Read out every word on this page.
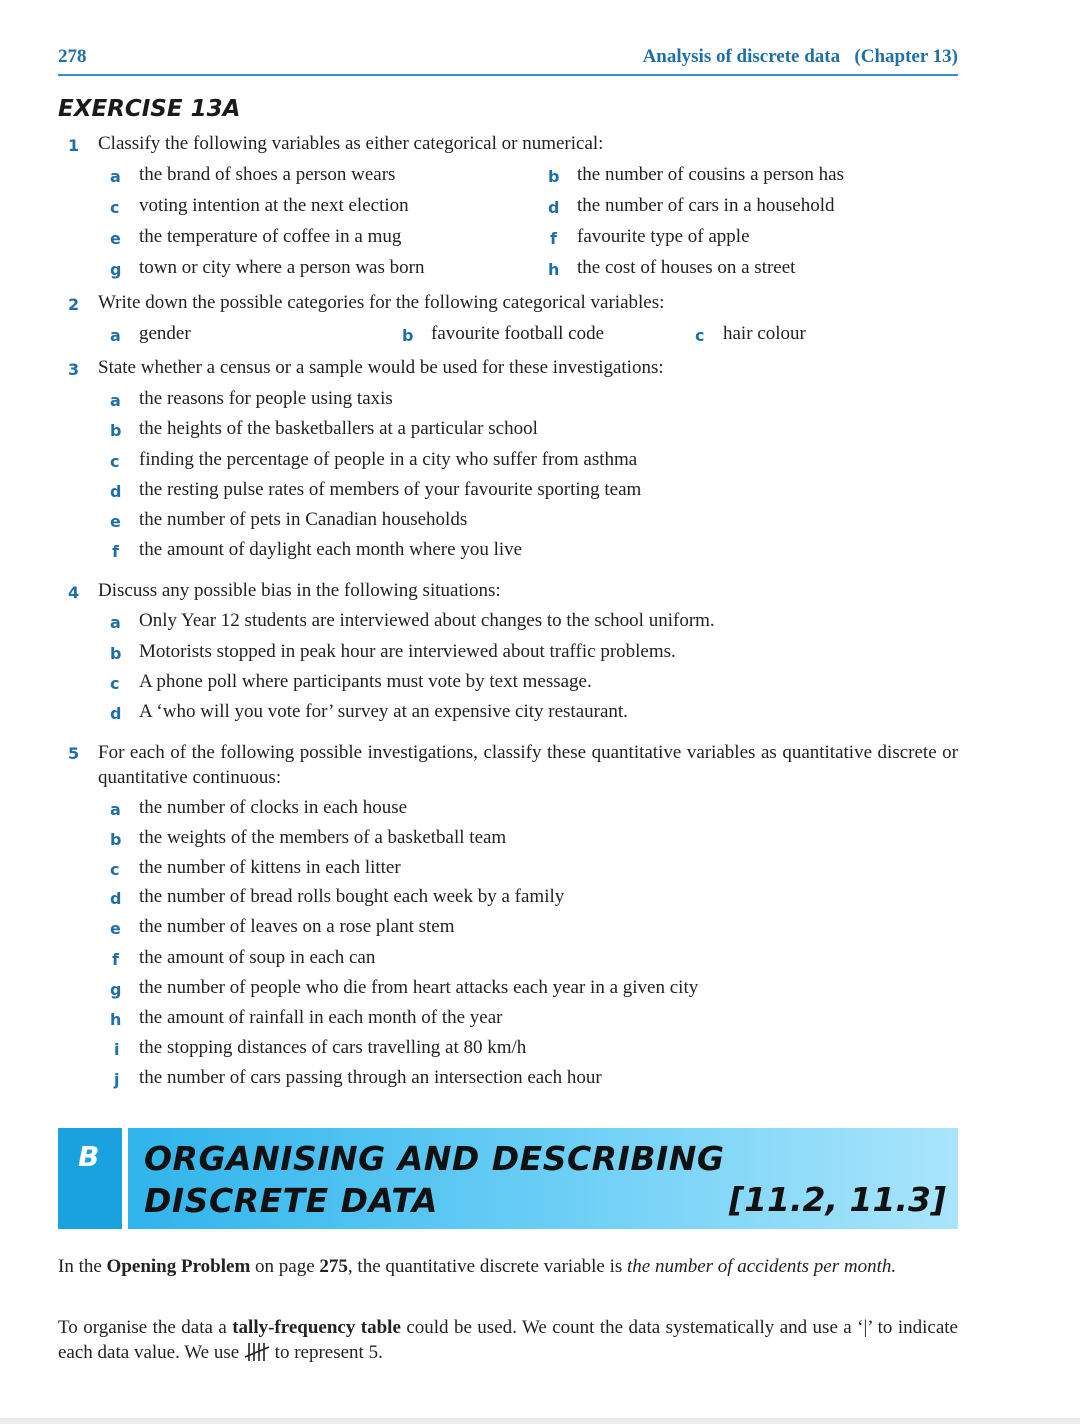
278	Analysis of discrete data   (Chapter 13)
EXERCISE 13A
1 Classify the following variables as either categorical or numerical:
a the brand of shoes a person wears	b the number of cousins a person has
c voting intention at the next election	d the number of cars in a household
e the temperature of coffee in a mug	f favourite type of apple
g town or city where a person was born	h the cost of houses on a street
2 Write down the possible categories for the following categorical variables:
a gender	b favourite football code	c hair colour
3 State whether a census or a sample would be used for these investigations:
a the reasons for people using taxis
b the heights of the basketballers at a particular school
c finding the percentage of people in a city who suffer from asthma
d the resting pulse rates of members of your favourite sporting team
e the number of pets in Canadian households
f the amount of daylight each month where you live
4 Discuss any possible bias in the following situations:
a Only Year 12 students are interviewed about changes to the school uniform.
b Motorists stopped in peak hour are interviewed about traffic problems.
c A phone poll where participants must vote by text message.
d A ‘who will you vote for’ survey at an expensive city restaurant.
5 For each of the following possible investigations, classify these quantitative variables as quantitative discrete or quantitative continuous:
a the number of clocks in each house
b the weights of the members of a basketball team
c the number of kittens in each litter
d the number of bread rolls bought each week by a family
e the number of leaves on a rose plant stem
f the amount of soup in each can
g the number of people who die from heart attacks each year in a given city
h the amount of rainfall in each month of the year
i the stopping distances of cars travelling at 80 km/h
j the number of cars passing through an intersection each hour
B ORGANISING AND DESCRIBING
DISCRETE DATA	[11.2, 11.3]
In the Opening Problem on page 275, the quantitative discrete variable is the number of accidents per month.
To organise the data a tally-frequency table could be used. We count the data systematically and use a ‘|’ to indicate each data value. We use  to represent 5.
